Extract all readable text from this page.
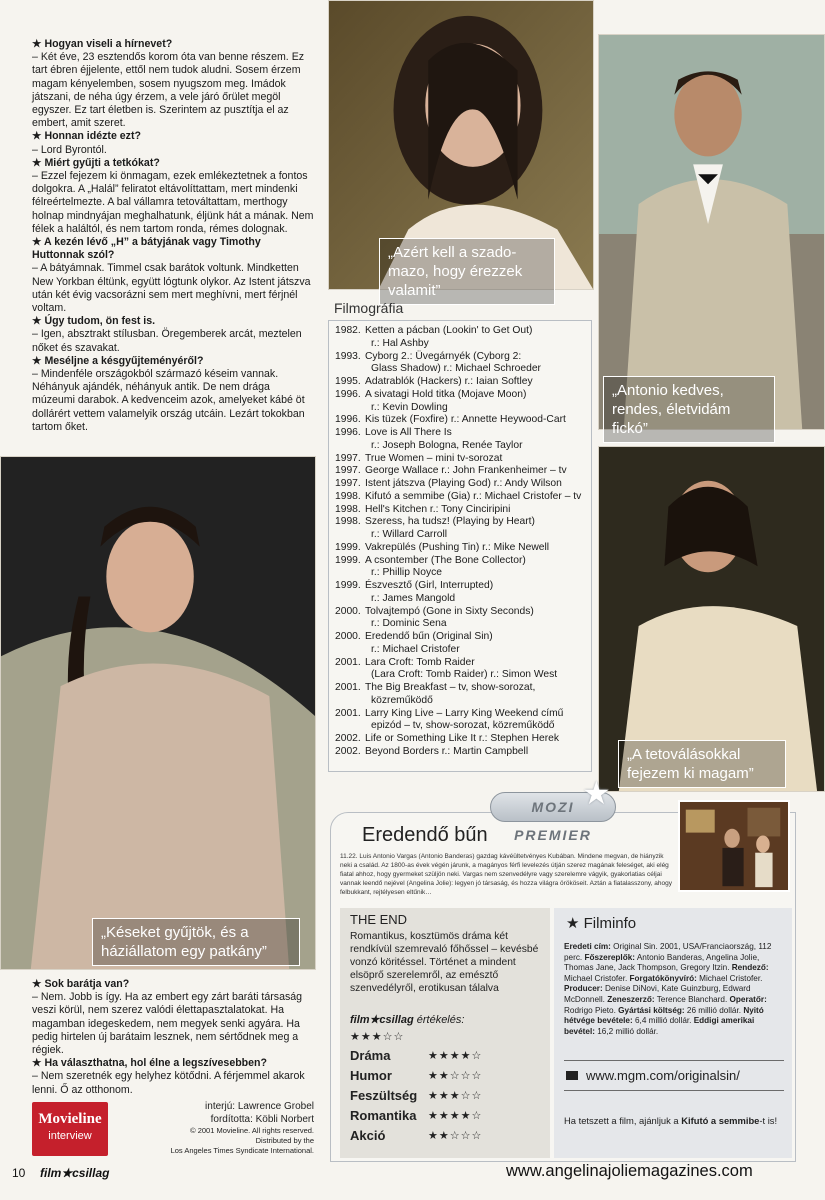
★ Hogyan viseli a hírnevet?
– Két éve, 23 esztendős korom óta van benne részem. Ez tart ébren éjjelente, ettől nem tudok aludni. Sosem érzem magam kényelemben, sosem nyugszom meg. Imádok játszani, de néha úgy érzem, a vele járó őrület megöl egyszer. Ez tart életben is. Szerintem az pusztítja el az embert, amit szeret.
★ Honnan idézte ezt?
– Lord Byrontól.
★ Miért gyűjti a tetkókat?
– Ezzel fejezem ki önmagam, ezek emlékeztetnek a fontos dolgokra. A „Halál” feliratot eltávolíttattam, mert mindenki félreértelmezte. A bal vállamra tetováltattam, merthogy holnap mindnyájan meghalhatunk, éljünk hát a mának. Nem félek a haláltól, és nem tartom ronda, rémes dolognak.
★ A kezén lévő „H” a bátyjának vagy Timothy Huttonnak szól?
– A bátyámnak. Timmel csak barátok voltunk. Mindketten New Yorkban éltünk, együtt lógtunk olykor. Az Istent játszva után két évig vacsorázni sem mert meghívni, mert férjnél voltam.
★ Úgy tudom, ön fest is.
– Igen, absztrakt stílusban. Öregemberek arcát, meztelen nőket és szavakat.
★ Meséljne a késgyűjteményéről?
– Mindenféle országokból származó késeim vannak. Néhányuk ajándék, néhányuk antik. De nem drága múzeumi darabok. A kedvenceim azok, amelyeket kábé öt dollárért vettem valamelyik ország utcáin. Lezárt tokokban tartom őket.
„Azért kell a szado-mazo, hogy érezzek valamit”
„Antonio kedves, rendes, életvidám fickó”
Filmográfia
1982. Ketten a pácban (Lookin' to Get Out)
r.: Hal Ashby
1993. Cyborg 2.: Üvegárnyék (Cyborg 2:
Glass Shadow) r.: Michael Schroeder
1995. Adatrablók (Hackers) r.: Iaian Softley
1996. A sivatagi Hold titka (Mojave Moon)
r.: Kevin Dowling
1996. Kis tüzek (Foxfire) r.: Annette Heywood-Cart
1996. Love is All There Is
r.: Joseph Bologna, Renée Taylor
1997. True Women – mini tv-sorozat
1997. George Wallace r.: John Frankenheimer – tv
1997. Istent játszva (Playing God) r.: Andy Wilson
1998. Kifutó a semmibe (Gia) r.: Michael Cristofer – tv
1998. Hell's Kitchen r.: Tony Cinciripini
1998. Szeress, ha tudsz! (Playing by Heart)
r.: Willard Carroll
1999. Vakrepülés (Pushing Tin) r.: Mike Newell
1999. A csontember (The Bone Collector)
r.: Phillip Noyce
1999. Észvesztő (Girl, Interrupted)
r.: James Mangold
2000. Tolvajtempó (Gone in Sixty Seconds)
r.: Dominic Sena
2000. Eredendő bűn (Original Sin)
r.: Michael Cristofer
2001. Lara Croft: Tomb Raider
(Lara Croft: Tomb Raider) r.: Simon West
2001. The Big Breakfast – tv, show-sorozat,
közreműködő
2001. Larry King Live – Larry King Weekend című
epizód – tv, show-sorozat, közreműködő
2002. Life or Something Like It r.: Stephen Herek
2002. Beyond Borders r.: Martin Campbell
„Késeket gyűjtök, és a háziállatom egy patkány”
„A tetoválásokkal fejezem ki magam”
★ Sok barátja van?
– Nem. Jobb is így. Ha az embert egy zárt baráti társaság veszi körül, nem szerez valódi élettapasztalatokat. Ha magamban idegeskedem, nem megyek senki agyára. Ha pedig hirtelen új barátaim lesznek, nem sértődnek meg a régiek.
★ Ha választhatna, hol élne a legszívesebben?
– Nem szeretnék egy helyhez kötődni. A férjemmel akarok lenni. Ő az otthonom.
MOZI PREMIER
★
Eredendő bűn
11.22. Luis Antonio Vargas (Antonio Banderas) gazdag kávéültetvényes Kubában. Mindene megvan, de hiányzik neki a család. Az 1800-as évek végén járunk, a magányos férfi levelezés útján szerez magának feleséget, aki elég fiatal ahhoz, hogy gyermeket szüljön neki. Vargas nem szenvedélyre vagy szerelemre vágyik, gyakorlatias céljai vannak leendő nejével (Angelina Jolie): legyen jó társaság, és hozza világra örököseit. Aztán a fiatalasszony, ahogy felbukkant, rejtélyesen eltűnik…
THE END
Romantikus, kosztümös dráma két rendkívül szemrevaló főhőssel – kevésbé vonzó köritéssel. Történet a mindent elsöprő szerelemről, az emésztő szenvedélyről, erotikusan tálalva
film★csillag értékelés:
★★★☆☆
Dráma	★★★★☆
Humor	★★☆☆☆
Feszültség ★★★☆☆
Romantika	★★★★☆
Akció	★★☆☆☆
★ Filminfo
Eredeti cím: Original Sin. 2001, USA/Franciaország, 112 perc. Főszereplők: Antonio Banderas, Angelina Jolie, Thomas Jane, Jack Thompson, Gregory Itzin. Rendező: Michael Cristofer. Forgatókönyvíró: Michael Cristofer. Producer: Denise DiNovi, Kate Guinzburg, Edward McDonnell. Zeneszerző: Terence Blanchard. Operatőr: Rodrigo Pieto. Gyártási költség: 26 millió dollár. Nyitó hétvége bevétele: 6,4 millió dollár. Eddigi amerikai bevétel: 16,2 millió dollár.
www.mgm.com/originalsin/
Ha tetszett a film, ajánljuk a Kifutó a semmibe-t is!
Movieline
interview
interjú: Lawrence Grobel
fordította: Köbli Norbert
© 2001 Movieline. All rights reserved.
Distributed by the
Los Angeles Times Syndicate International.
10 film★csillag	www.angelinajoliemagazines.com
